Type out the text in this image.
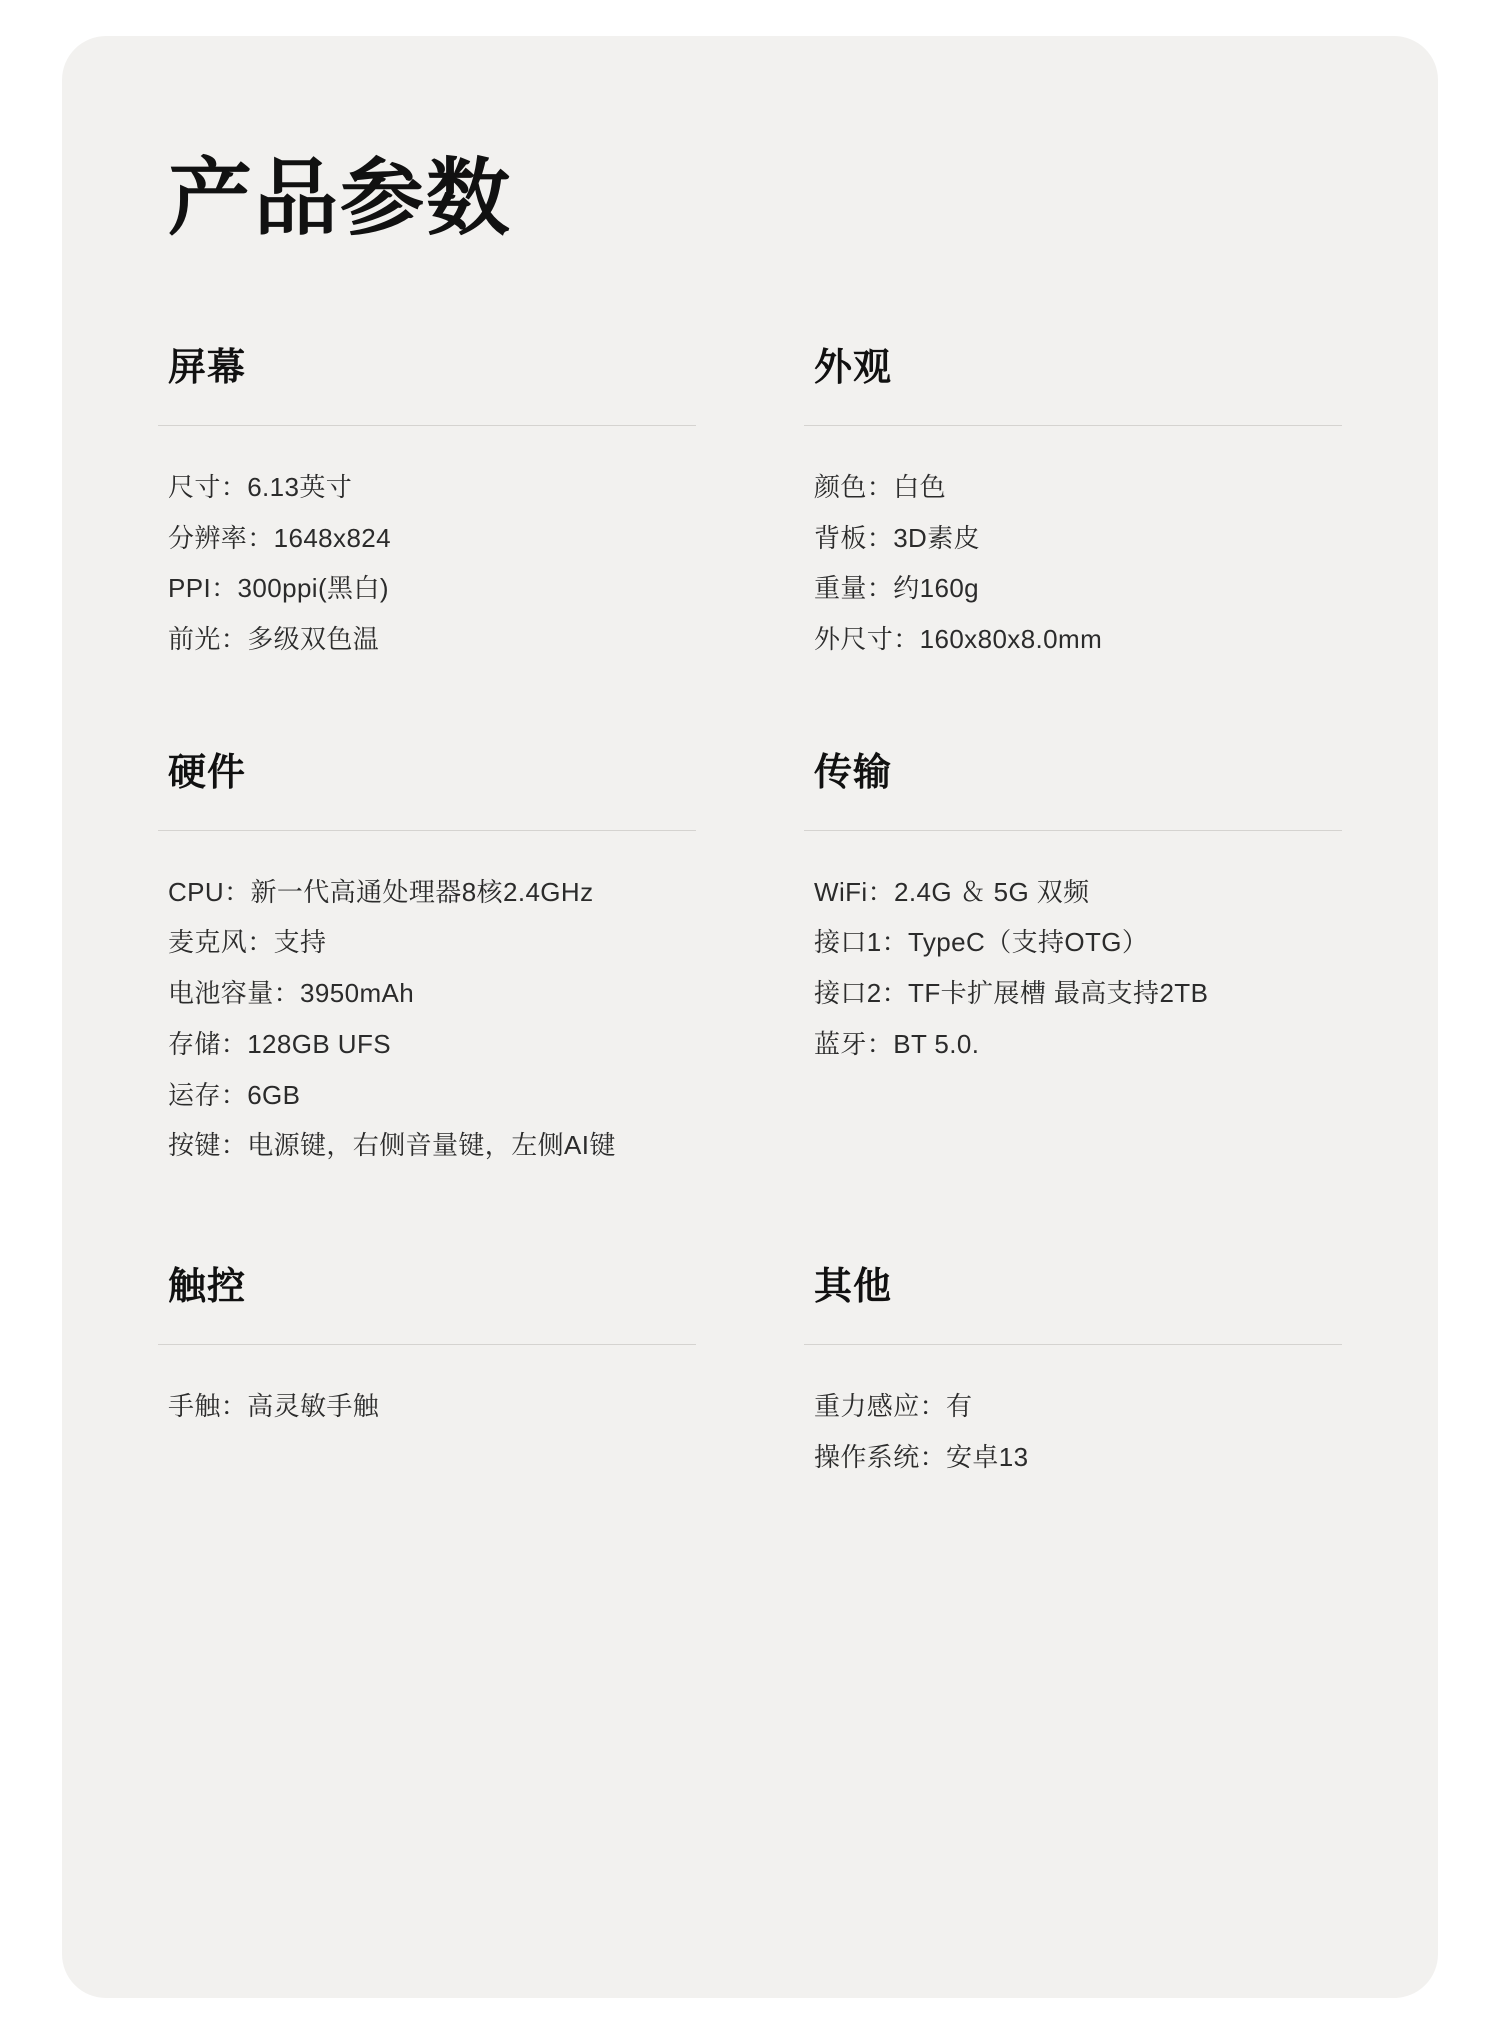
产品参数
屏幕
尺寸：6.13英寸
分辨率：1648x824
PPI：300ppi(黑白)
前光：多级双色温
外观
颜色：白色
背板：3D素皮
重量：约160g
外尺寸：160x80x8.0mm
硬件
CPU：新一代高通处理器8核2.4GHz
麦克风：支持
电池容量：3950mAh
存储：128GB UFS
运存：6GB
按键：电源键，右侧音量键，左侧AI键
传输
WiFi：2.4G ＆ 5G 双频
接口1：TypeC（支持OTG）
接口2：TF卡扩展槽 最高支持2TB
蓝牙：BT 5.0.
触控
手触：高灵敏手触
其他
重力感应：有
操作系统：安卓13
